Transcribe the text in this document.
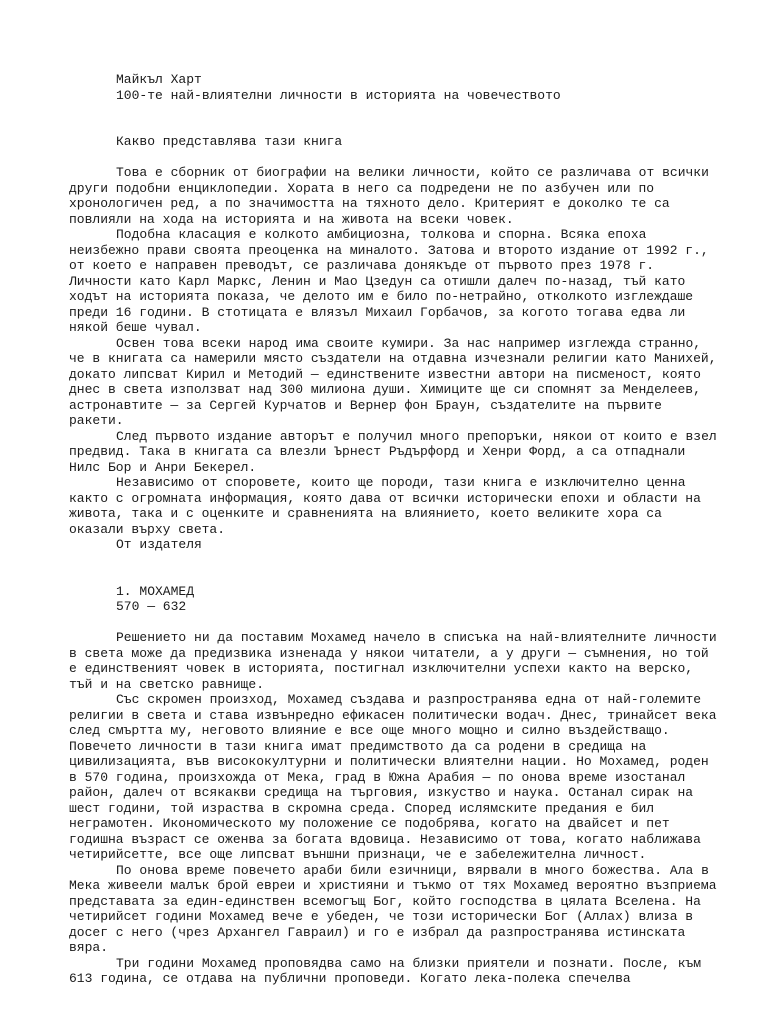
Майкъл Харт
100-те най-влиятелни личности в историята на човечеството
Какво представлява тази книга
Това е сборник от биографии на велики личности, който се различава от всички
други подобни енциклопедии. Хората в него са подредени не по азбучен или по
хронологичен ред, а по значимостта на тяхното дело. Критерият е доколко те са
повлияли на хода на историята и на живота на всеки човек.
Подобна класация е колкото амбициозна, толкова и спорна. Всяка епоха
неизбежно прави своята преоценка на миналото. Затова и второто издание от 1992 г.,
от което е направен преводът, се различава донякъде от първото през 1978 г.
Личности като Карл Маркс, Ленин и Мао Цзедун са отишли далеч по-назад, тъй като
ходът на историята показа, че делото им е било по-нетрайно, отколкото изглеждаше
преди 16 години. В стотицата е влязъл Михаил Горбачов, за когото тогава едва ли
някой беше чувал.
Освен това всеки народ има своите кумири. За нас например изглежда странно,
че в книгата са намерили място създатели на отдавна изчезнали религии като Манихей,
докато липсват Кирил и Методий — единствените известни автори на писменост, която
днес в света използват над 300 милиона души. Химиците ще си спомнят за Менделеев,
астронавтите — за Сергей Курчатов и Вернер фон Браун, създателите на първите
ракети.
След първото издание авторът е получил много препоръки, някои от които е взел
предвид. Така в книгата са влезли Ърнест Ръдърфорд и Хенри Форд, а са отпаднали
Нилс Бор и Анри Бекерел.
Независимо от споровете, които ще породи, тази книга е изключително ценна
както с огромната информация, която дава от всички исторически епохи и области на
живота, така и с оценките и сравненията на влиянието, което великите хора са
оказали върху света.
От издателя
1. МОХАМЕД
570 — 632
Решението ни да поставим Мохамед начело в списъка на най-влиятелните личности
в света може да предизвика изненада у някои читатели, а у други — съмнения, но той
е единственият човек в историята, постигнал изключителни успехи както на верско,
тъй и на светско равнище.
Със скромен произход, Мохамед създава и разпространява една от най-големите
религии в света и става извънредно ефикасен политически водач. Днес, тринайсет века
след смъртта му, неговото влияние е все още много мощно и силно въздействащо.
Повечето личности в тази книга имат предимството да са родени в средища на
цивилизацията, във висококултурни и политически влиятелни нации. Но Мохамед, роден
в 570 година, произхожда от Мека, град в Южна Арабия — по онова време изостанал
район, далеч от всякакви средища на търговия, изкуство и наука. Останал сирак на
шест години, той израства в скромна среда. Според ислямските предания е бил
неграмотен. Икономическото му положение се подобрява, когато на двайсет и пет
годишна възраст се оженва за богата вдовица. Независимо от това, когато наближава
четирийсетте, все още липсват външни признаци, че е забележителна личност.
По онова време повечето араби били езичници, вярвали в много божества. Ала в
Мека живеели малък брой евреи и християни и тъкмо от тях Мохамед вероятно възприема
представата за един-единствен всемогъщ Бог, който господства в цялата Вселена. На
четирийсет години Мохамед вече е убеден, че този исторически Бог (Аллах) влиза в
досег с него (чрез Архангел Гавраил) и го е избрал да разпространява истинската
вяра.
Три години Мохамед проповядва само на близки приятели и познати. После, към
613 година, се отдава на публични проповеди. Когато лека-полека спечелва
